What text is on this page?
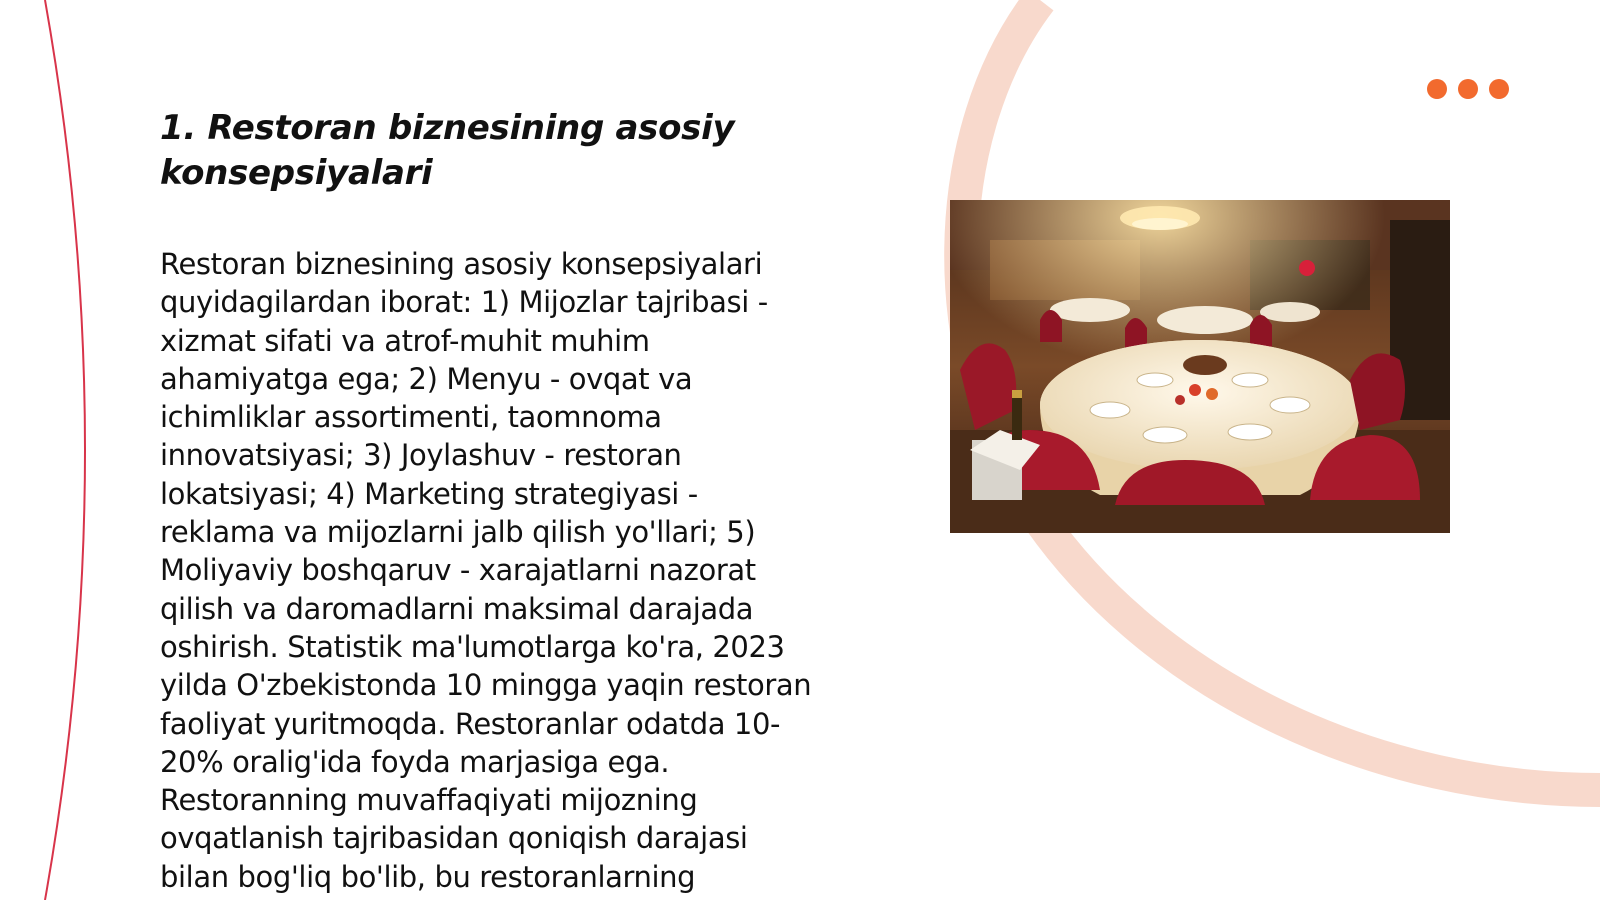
1. Restoran biznesining asosiy konsepsiyalari

Restoran biznesining asosiy konsepsiyalari quyidagilardan iborat: 1) Mijozlar tajribasi - xizmat sifati va atrof-muhit muhim ahamiyatga ega; 2) Menyu - ovqat va ichimliklar assortimenti, taomnoma innovatsiyasi; 3) Joylashuv - restoran lokatsiyasi; 4) Marketing strategiyasi - reklama va mijozlarni jalb qilish yo'llari; 5) Moliyaviy boshqaruv - xarajatlarni nazorat qilish va daromadlarni maksimal darajada oshirish. Statistik ma'lumotlarga ko'ra, 2023 yilda O'zbekistonda 10 mingga yaqin restoran faoliyat yuritmoqda. Restoranlar odatda 10-20% oralig'ida foyda marjasiga ega. Restoranning muvaffaqiyati mijozning ovqatlanish tajribasidan qoniqish darajasi bilan bog'liq bo'lib, bu restoranlarning
